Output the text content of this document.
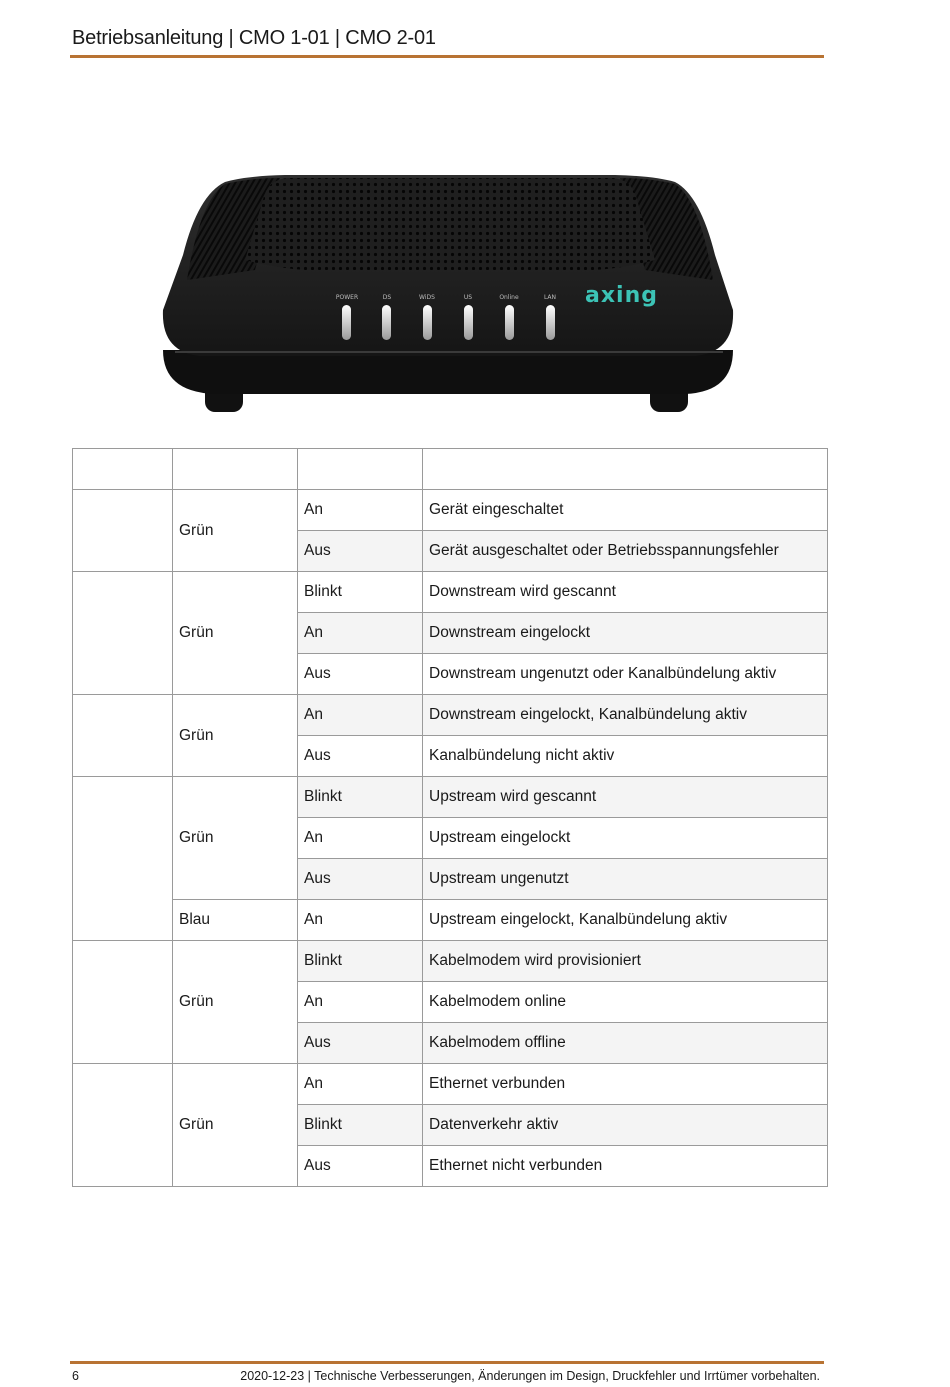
Betriebsanleitung | CMO 1-01 | CMO 2-01
POWER	DS	WiDS	US	Online	LAN axing

	Grün	An	Gerät eingeschaltet
		Aus	Gerät ausgeschaltet oder Betriebsspannungsfehler
	Grün	Blinkt	Downstream wird gescannt
		An	Downstream eingelockt
		Aus	Downstream ungenutzt oder Kanalbündelung aktiv
	Grün	An	Downstream eingelockt, Kanalbündelung aktiv
		Aus	Kanalbündelung nicht aktiv
	Grün	Blinkt	Upstream wird gescannt
		An	Upstream eingelockt
		Aus	Upstream ungenutzt
	Blau	An	Upstream eingelockt, Kanalbündelung aktiv
	Grün	Blinkt	Kabelmodem wird provisioniert
		An	Kabelmodem online
		Aus	Kabelmodem offline
	Grün	An	Ethernet verbunden
		Blinkt	Datenverkehr aktiv
		Aus	Ethernet nicht verbunden
6	2020-12-23 | Technische Verbesserungen, Änderungen im Design, Druckfehler und Irrtümer vorbehalten.
